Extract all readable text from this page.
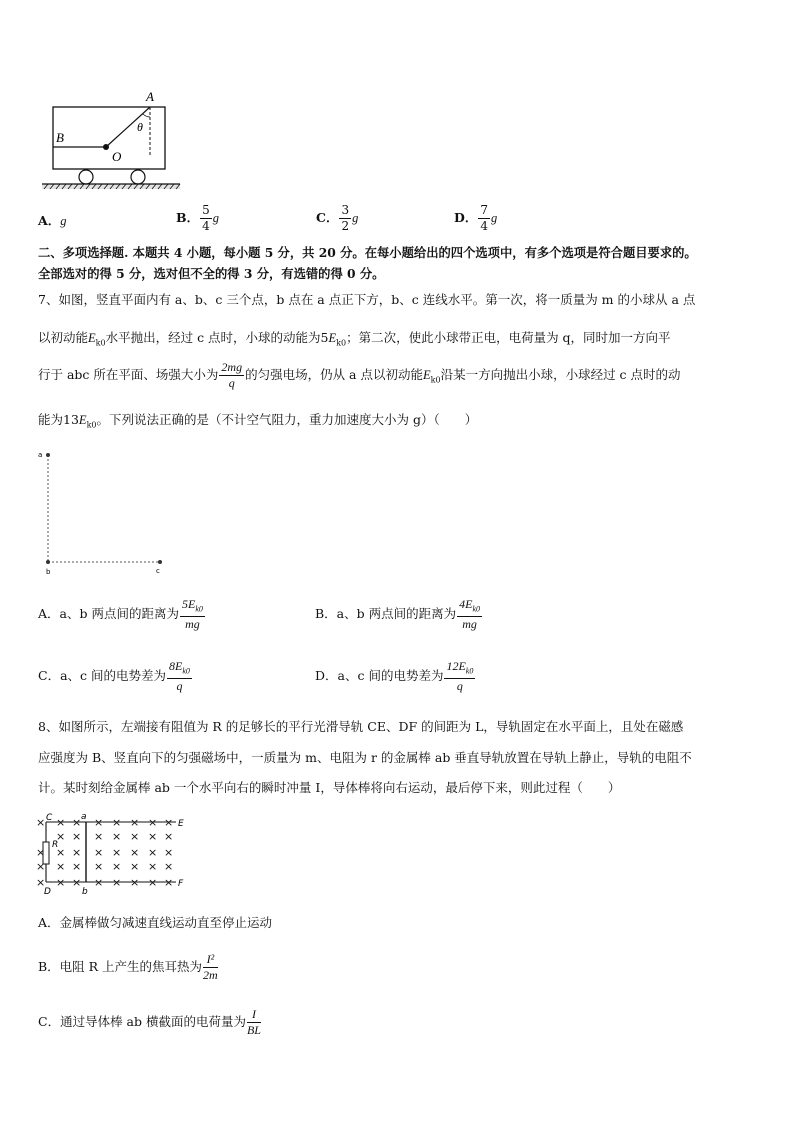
A
B
O
θ
A．g	B． $\frac{5}{4}$ g	C． $\frac{3}{2}$ g	D． $\frac{7}{4}$ g
二、多项选择题. 本题共 4 小题，每小题 5 分，共 20 分。在每小题给出的四个选项中，有多个选项是符合题目要求的。
全部选对的得 5 分，选对但不全的得 3 分，有选错的得 0 分。
7、如图，竖直平面内有 a、b、c 三个点，b 点在 a 点正下方，b、c 连线水平。第一次，将一质量为 m 的小球从 a 点
以初动能$E_{k0}$水平抛出，经过 c 点时，小球的动能为$5E_{k0}$；第二次，使此小球带正电，电荷量为 q，同时加一方向平
行于 abc 所在平面、场强大小为 $\frac{2mg}{q}$ 的匀强电场，仍从 a 点以初动能$E_{k0}$沿某一方向抛出小球，小球经过 c 点时的动
能为$13E_{k0}$。下列说法正确的是（不计空气阻力，重力加速度大小为 g）（　　）
a
b	c
A．a、b 两点间的距离为 $\frac{5E_{k0}}{mg}$	B．a、b 两点间的距离为 $\frac{4E_{k0}}{mg}$
C．a、c 间的电势差为 $\frac{8E_{k0}}{q}$	D．a、c 间的电势差为 $\frac{12E_{k0}}{q}$
8、如图所示，左端接有阻值为 R 的足够长的平行光滑导轨 CE、DF 的间距为 L，导轨固定在水平面上，且处在磁感
应强度为 B、竖直向下的匀强磁场中，一质量为 m、电阻为 r 的金属棒 ab 垂直导轨放置在导轨上静止，导轨的电阻不
计。某时刻给金属棒 ab 一个水平向右的瞬时冲量 I，导体棒将向右运动，最后停下来，则此过程（　　）
× × × × × × × ×
× × × × × × ×
× × × × × × × ×
× × × × × × × ×
× × × × × × × ×
C	a
E
R
D	b
F
A．金属棒做匀减速直线运动直至停止运动
B．电阻 R 上产生的焦耳热为 $\frac{\text{I²}}{2m}$
C．通过导体棒 ab 横截面的电荷量为 $\frac{I}{BL}$
